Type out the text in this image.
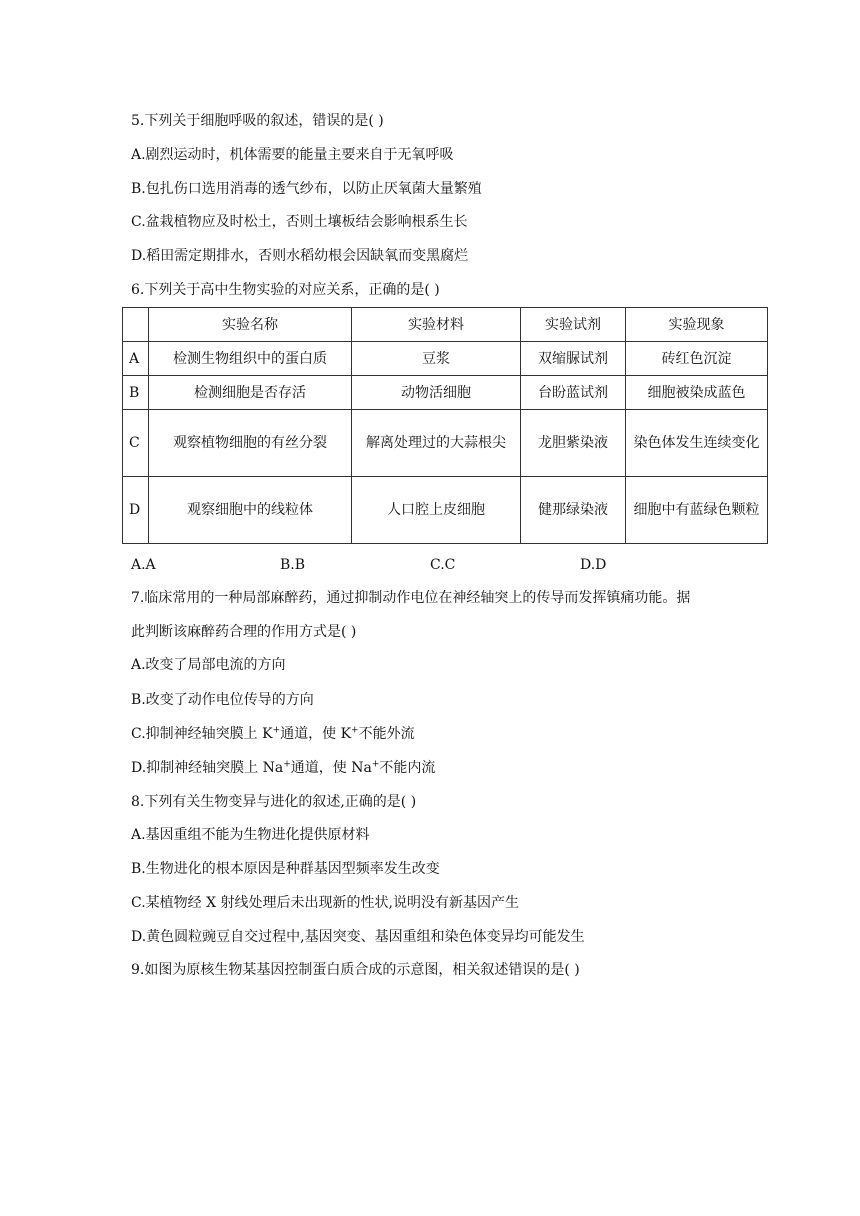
5.下列关于细胞呼吸的叙述，错误的是( )
A.剧烈运动时，机体需要的能量主要来自于无氧呼吸
B.包扎伤口选用消毒的透气纱布，以防止厌氧菌大量繁殖
C.盆栽植物应及时松土，否则土壤板结会影响根系生长
D.稻田需定期排水，否则水稻幼根会因缺氧而变黑腐烂
6.下列关于高中生物实验的对应关系，正确的是( )
	实验名称	实验材料	实验试剂	实验现象
A	检测生物组织中的蛋白质	豆浆	双缩脲试剂	砖红色沉淀
B	检测细胞是否存活	动物活细胞	台盼蓝试剂	细胞被染成蓝色
C	观察植物细胞的有丝分裂	解离处理过的大蒜根尖	龙胆紫染液	染色体发生连续变化
D	观察细胞中的线粒体	人口腔上皮细胞	健那绿染液	细胞中有蓝绿色颗粒
A.A	B.B	C.C	D.D
7.临床常用的一种局部麻醉药，通过抑制动作电位在神经轴突上的传导而发挥镇痛功能。据
此判断该麻醉药合理的作用方式是( )
A.改变了局部电流的方向
B.改变了动作电位传导的方向
C.抑制神经轴突膜上 K+通道，使 K+不能外流
D.抑制神经轴突膜上 Na+通道，使 Na+不能内流
8.下列有关生物变异与进化的叙述,正确的是( )
A.基因重组不能为生物进化提供原材料
B.生物进化的根本原因是种群基因型频率发生改变
C.某植物经 X 射线处理后未出现新的性状,说明没有新基因产生
D.黄色圆粒豌豆自交过程中,基因突变、基因重组和染色体变异均可能发生
9.如图为原核生物某基因控制蛋白质合成的示意图，相关叙述错误的是( )
